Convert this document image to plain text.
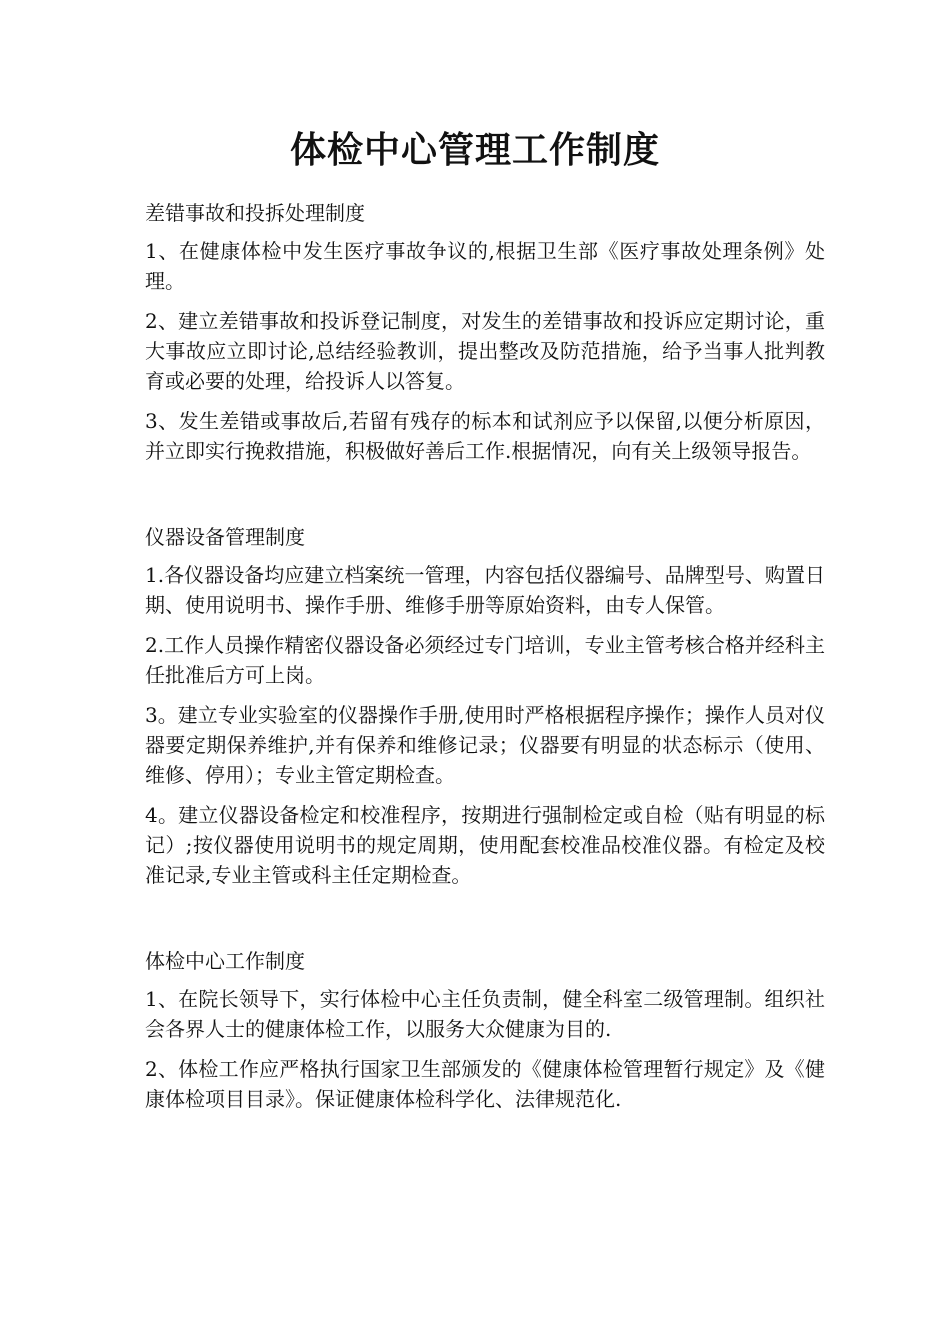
体检中心管理工作制度

差错事故和投拆处理制度

1、在健康体检中发生医疗事故争议的,根据卫生部《医疗事故处理条例》处理。

2、建立差错事故和投诉登记制度，对发生的差错事故和投诉应定期讨论，重大事故应立即讨论,总结经验教训，提出整改及防范措施，给予当事人批判教育或必要的处理，给投诉人以答复。

3、发生差错或事故后,若留有残存的标本和试剂应予以保留,以便分析原因，并立即实行挽救措施，积极做好善后工作.根据情况，向有关上级领导报告。

仪器设备管理制度

1.各仪器设备均应建立档案统一管理，内容包括仪器编号、品牌型号、购置日期、使用说明书、操作手册、维修手册等原始资料，由专人保管。

2.工作人员操作精密仪器设备必须经过专门培训，专业主管考核合格并经科主任批准后方可上岗。

3。建立专业实验室的仪器操作手册,使用时严格根据程序操作；操作人员对仪器要定期保养维护,并有保养和维修记录；仪器要有明显的状态标示（使用、维修、停用）；专业主管定期检查。

4。建立仪器设备检定和校准程序，按期进行强制检定或自检（贴有明显的标记）;按仪器使用说明书的规定周期，使用配套校准品校准仪器。有检定及校准记录,专业主管或科主任定期检查。

体检中心工作制度

1、在院长领导下，实行体检中心主任负责制，健全科室二级管理制。组织社会各界人士的健康体检工作，以服务大众健康为目的.

2、体检工作应严格执行国家卫生部颁发的《健康体检管理暂行规定》及《健康体检项目目录》。保证健康体检科学化、法律规范化.
